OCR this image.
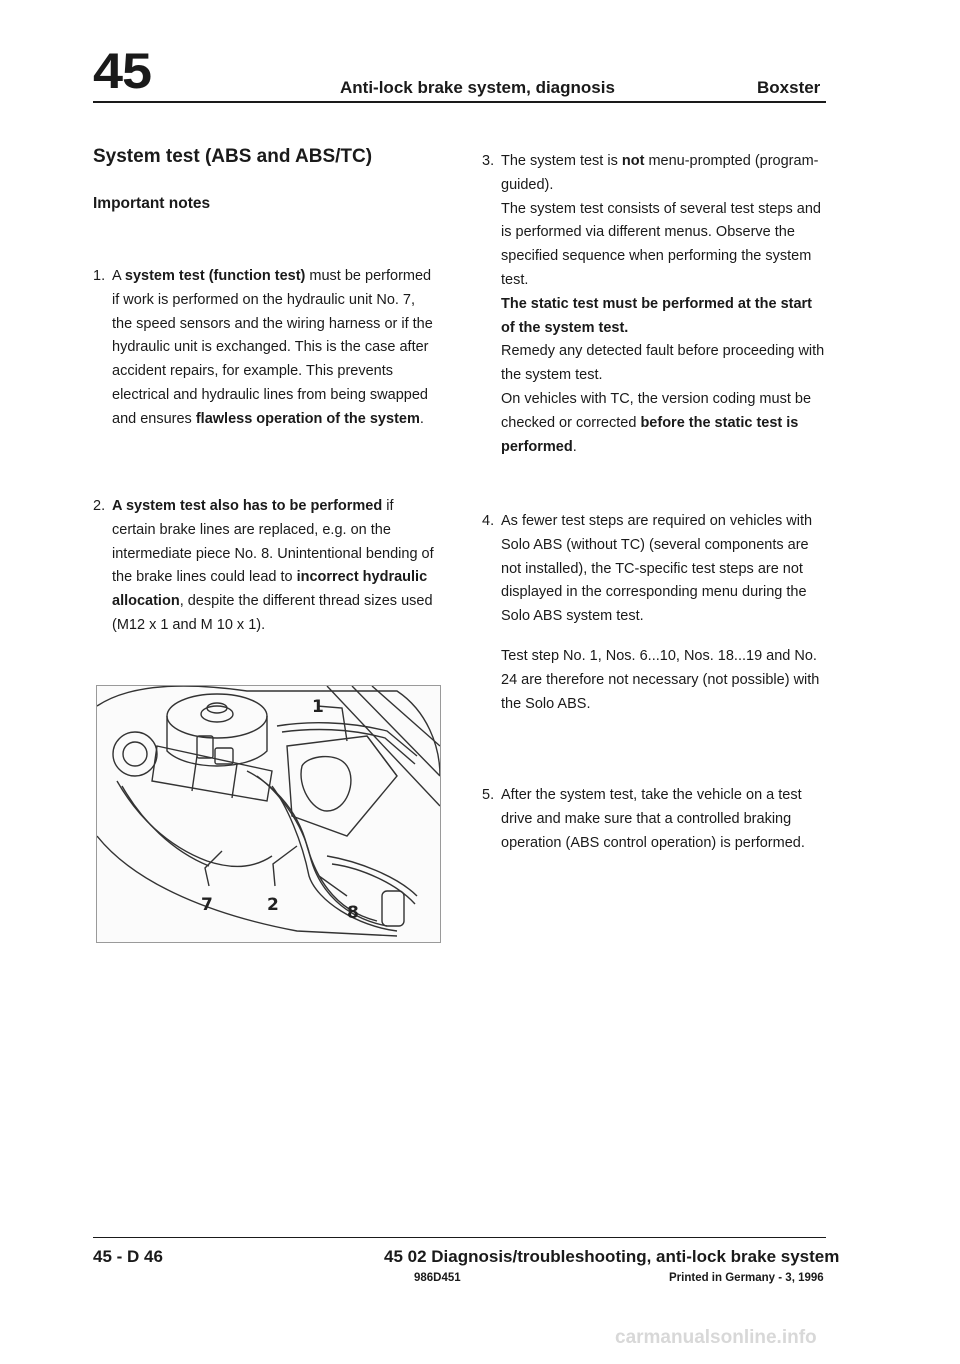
45	Anti-lock brake system, diagnosis	Boxster
System test (ABS and ABS/TC)
Important notes
1. A system test (function test) must be performed if work is performed on the hydraulic unit No. 7, the speed sensors and the wiring harness or if the hydraulic unit is exchanged. This is the case after accident repairs, for example. This prevents electrical and hydraulic lines from being swapped and ensures flawless operation of the system.
2. A system test also has to be performed if certain brake lines are replaced, e.g. on the intermediate piece No. 8. Unintentional bending of the brake lines could lead to incorrect hydraulic allocation, despite the different thread sizes used (M12 x 1 and M 10 x 1).
1
7	2	8
3. The system test is not menu-prompted (program-guided).
The system test consists of several test steps and is performed via different menus. Observe the specified sequence when performing the system test.
The static test must be performed at the start of the system test.
Remedy any detected fault before proceeding with the system test.
On vehicles with TC, the version coding must be checked or corrected before the static test is performed.
4. As fewer test steps are required on vehicles with Solo ABS (without TC) (several components are not installed), the TC-specific test steps are not displayed in the corresponding menu during the Solo ABS system test.
Test step No. 1, Nos. 6...10, Nos. 18...19 and No. 24 are therefore not necessary (not possible) with the Solo ABS.
5. After the system test, take the vehicle on a test drive and make sure that a controlled braking operation (ABS control operation) is performed.
45 - D 46	45 02 Diagnosis/troubleshooting, anti-lock brake system
986D451	Printed in Germany - 3, 1996
carmanualsonline.info
